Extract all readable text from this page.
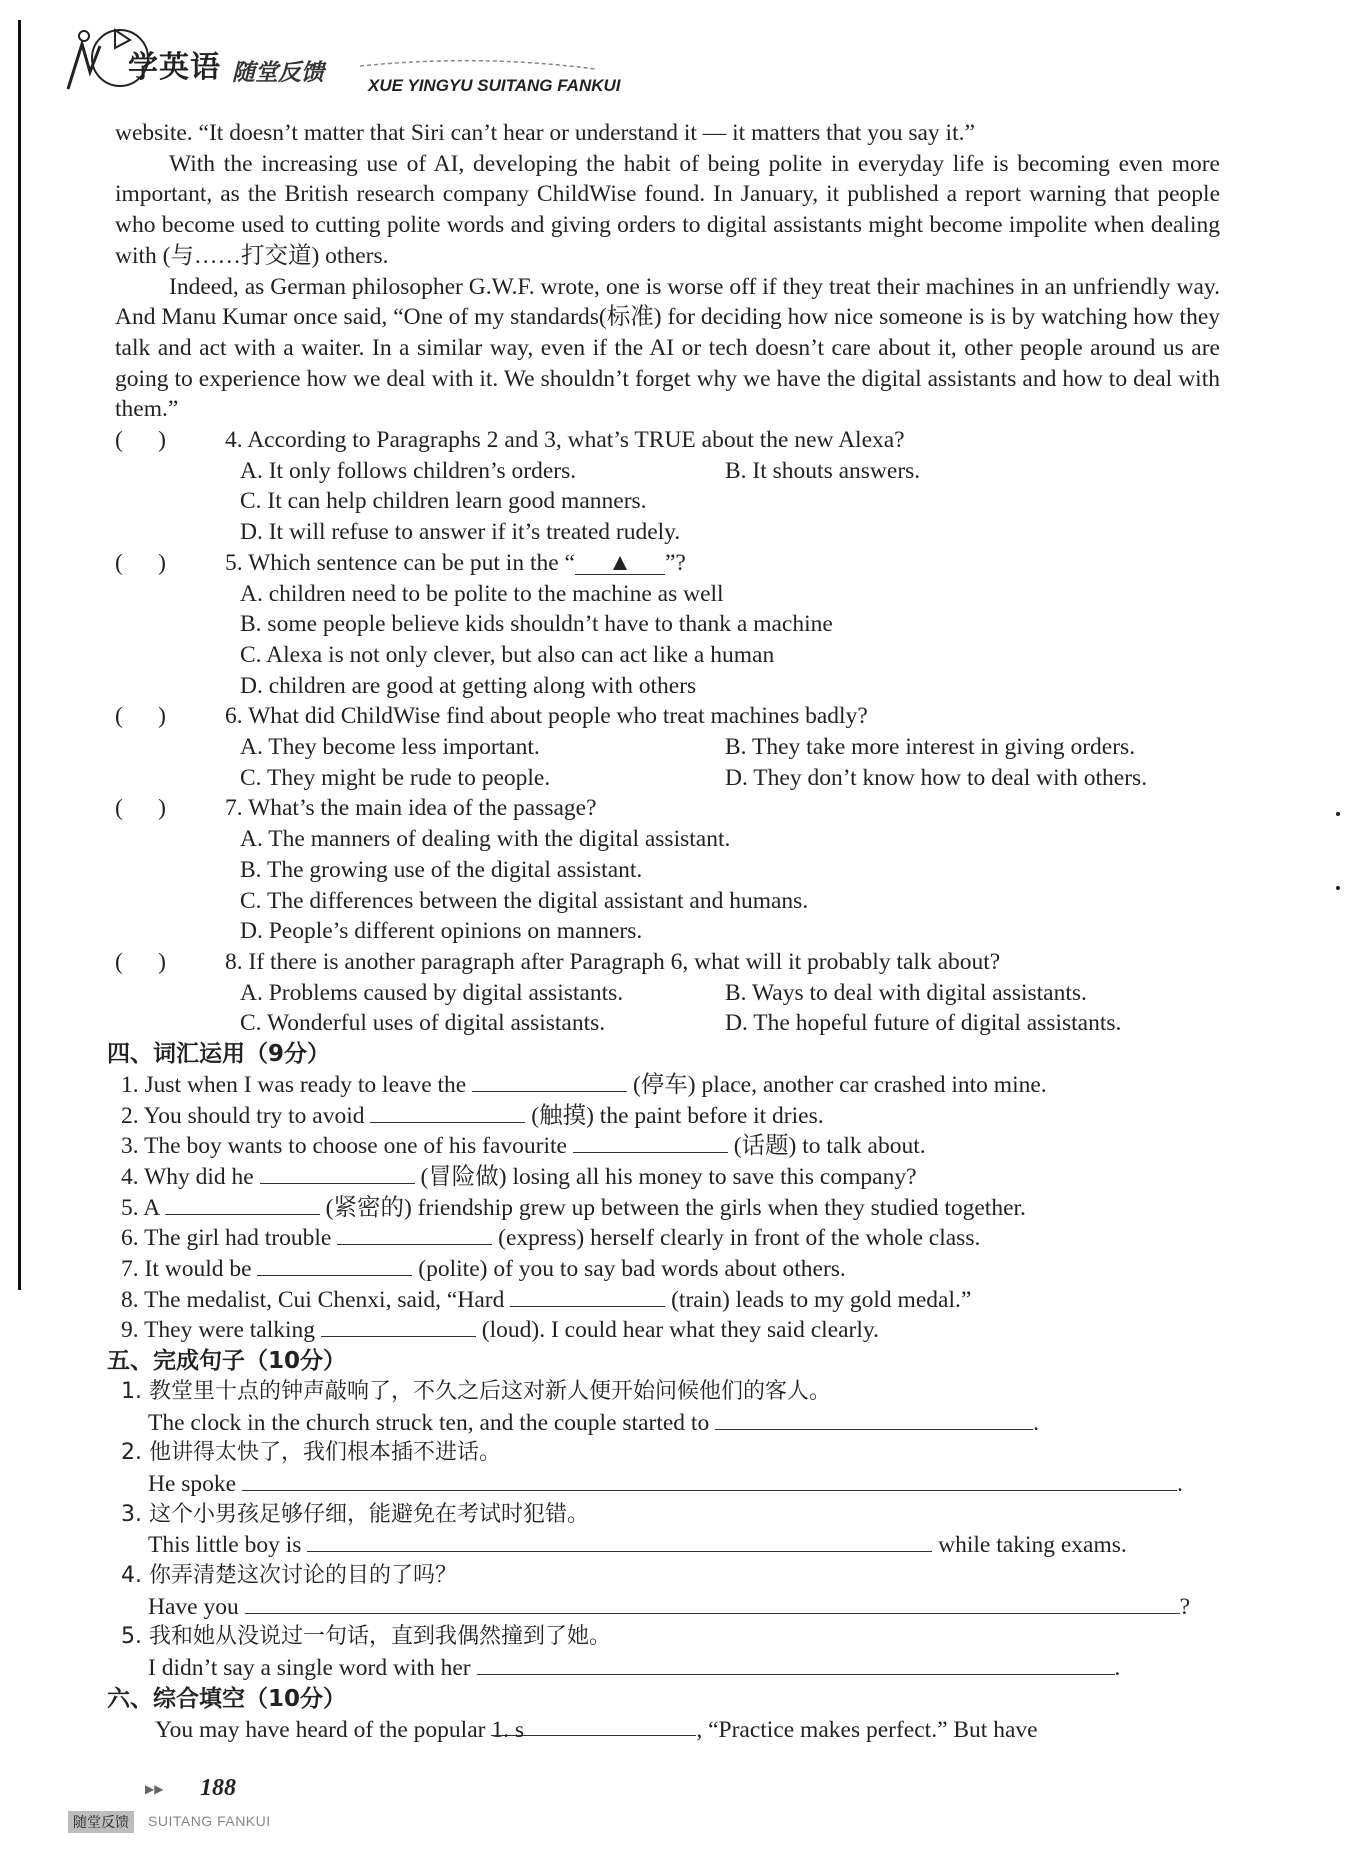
学英语 随堂反馈	XUE YINGYU SUITANG FANKUI

website. “It doesn’t matter that Siri can’t hear or understand it — it matters that you say it.”

With the increasing use of AI, developing the habit of being polite in everyday life is becoming even more important, as the British research company ChildWise found. In January, it published a report warning that people who become used to cutting polite words and giving orders to digital assistants might become impolite when dealing with (与……打交道) others.

Indeed, as German philosopher G.W.F. wrote, one is worse off if they treat their machines in an unfriendly way. And Manu Kumar once said, “One of my standards(标准) for deciding how nice someone is is by watching how they talk and act with a waiter. In a similar way, even if the AI or tech doesn’t care about it, other people around us are going to experience how we deal with it. We shouldn’t forget why we have the digital assistants and how to deal with them.”

(      )	4. According to Paragraphs 2 and 3, what’s TRUE about the new Alexa?
A. It only follows children’s orders.	B. It shouts answers.
C. It can help children learn good manners.
D. It will refuse to answer if it’s treated rudely.
(      )	5. Which sentence can be put in the “ ▲ ”?
A. children need to be polite to the machine as well
B. some people believe kids shouldn’t have to thank a machine
C. Alexa is not only clever, but also can act like a human
D. children are good at getting along with others
(      )	6. What did ChildWise find about people who treat machines badly?
A. They become less important.	B. They take more interest in giving orders.
C. They might be rude to people.	D. They don’t know how to deal with others.
(      )	7. What’s the main idea of the passage?
A. The manners of dealing with the digital assistant.
B. The growing use of the digital assistant.
C. The differences between the digital assistant and humans.
D. People’s different opinions on manners.
(      )	8. If there is another paragraph after Paragraph 6, what will it probably talk about?
A. Problems caused by digital assistants.	B. Ways to deal with digital assistants.
C. Wonderful uses of digital assistants.	D. The hopeful future of digital assistants.
四、词汇运用（9分）
1. Just when I was ready to leave the	(停车) place, another car crashed into mine.
2. You should try to avoid	(触摸) the paint before it dries.
3. The boy wants to choose one of his favourite	(话题) to talk about.
4. Why did he	(冒险做) losing all his money to save this company?
5. A	(紧密的) friendship grew up between the girls when they studied together.
6. The girl had trouble	(express) herself clearly in front of the whole class.
7. It would be	(polite) of you to say bad words about others.
8. The medalist, Cui Chenxi, said, “Hard	(train) leads to my gold medal.”
9. They were talking	(loud). I could hear what they said clearly.
五、完成句子（10分）
1. 教堂里十点的钟声敲响了，不久之后这对新人便开始问候他们的客人。
The clock in the church struck ten, and the couple started to	.
2. 他讲得太快了，我们根本插不进话。
He spoke	.
3. 这个小男孩足够仔细，能避免在考试时犯错。
This little boy is	while taking exams.
4. 你弄清楚这次讨论的目的了吗？
Have you	?
5. 我和她从没说过一句话，直到我偶然撞到了她。
I didn’t say a single word with her	.
六、综合填空（10分）
You may have heard of the popular 1. s	, “Practice makes perfect.” But have
▶▶ 188
随堂反馈	SUITANG FANKUI
